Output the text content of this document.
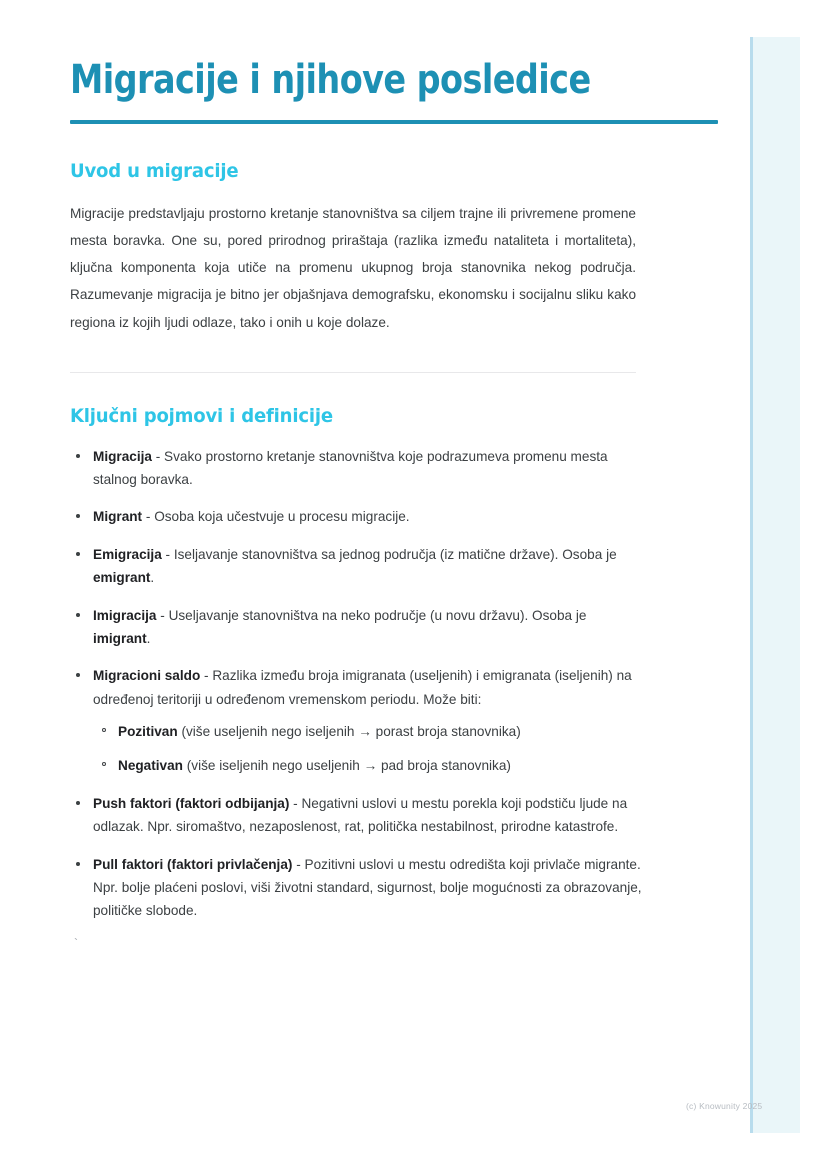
Migracije i njihove posledice
Uvod u migracije

Migracije predstavljaju prostorno kretanje stanovništva sa ciljem trajne ili privremene promene mesta boravka. One su, pored prirodnog priraštaja (razlika između nataliteta i mortaliteta), ključna komponenta koja utiče na promenu ukupnog broja stanovnika nekog područja. Razumevanje migracija je bitno jer objašnjava demografsku, ekonomsku i socijalnu sliku kako regiona iz kojih ljudi odlaze, tako i onih u koje dolaze.

Ključni pojmovi i definicije
Migracija - Svako prostorno kretanje stanovništva koje podrazumeva promenu mesta stalnog boravka.
Migrant - Osoba koja učestvuje u procesu migracije.
Emigracija - Iseljavanje stanovništva sa jednog područja (iz matične države). Osoba je emigrant.
Imigracija - Useljavanje stanovništva na neko područje (u novu državu). Osoba je imigrant.
Migracioni saldo - Razlika između broja imigranata (useljenih) i emigranata (iseljenih) na određenoj teritoriji u određenom vremenskom periodu. Može biti:
Pozitivan (više useljenih nego iseljenih → porast broja stanovnika)
Negativan (više iseljenih nego useljenih → pad broja stanovnika)
Push faktori (faktori odbijanja) - Negativni uslovi u mestu porekla koji podstiču ljude na odlazak. Npr. siromaštvo, nezaposlenost, rat, politička nestabilnost, prirodne katastrofe.
Pull faktori (faktori privlačenja) - Pozitivni uslovi u mestu odredišta koji privlače migrante. Npr. bolje plaćeni poslovi, viši životni standard, sigurnost, bolje mogućnosti za obrazovanje, političke slobode.
`
(c) Knowunity 2025
